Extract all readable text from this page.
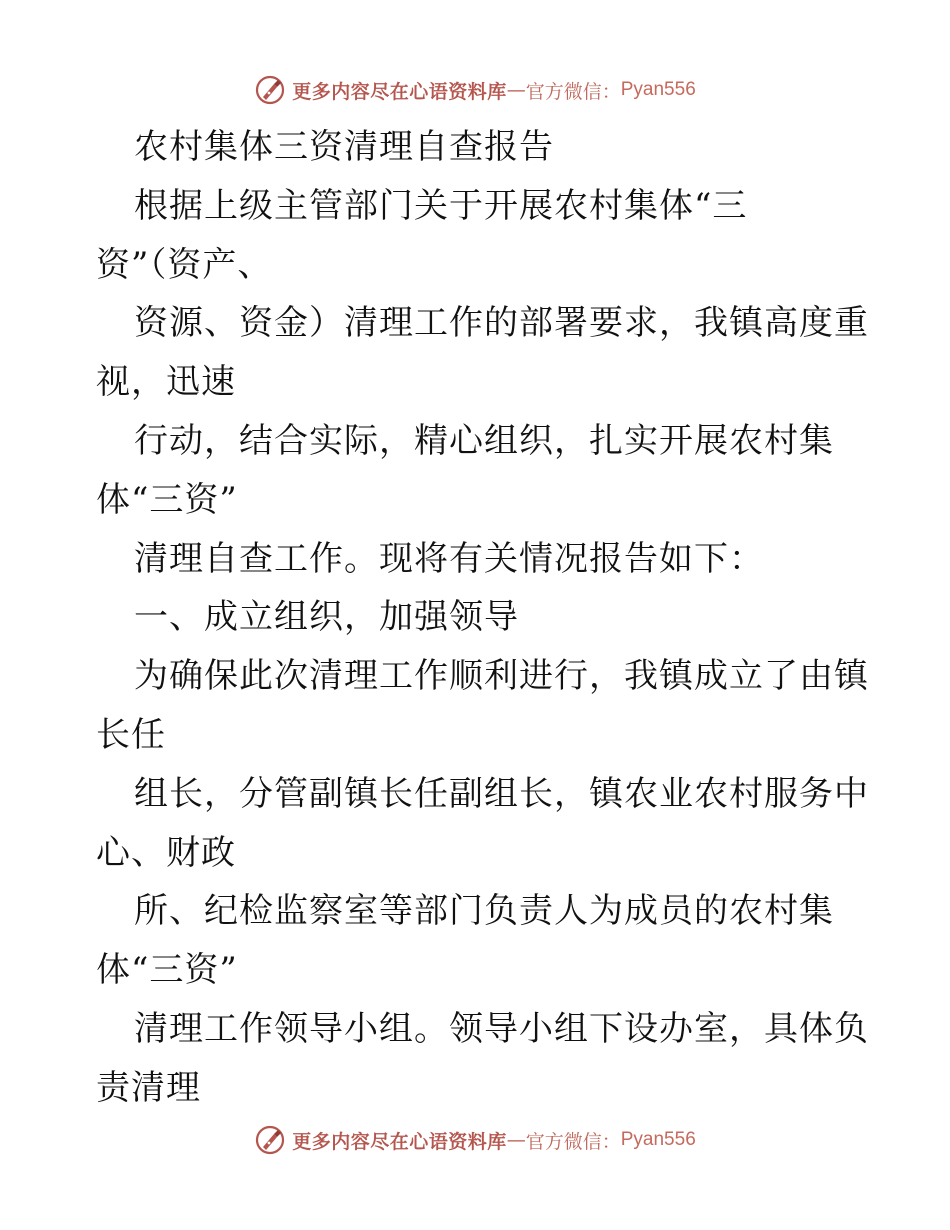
更多内容尽在心语资料库 — 官方微信： Pyan556
农村集体三资清理自查报告
根据上级主管部门关于开展农村集体“三
资”（资产、
资源、资金）清理工作的部署要求，我镇高度重
视，迅速
行动，结合实际，精心组织，扎实开展农村集
体“三资”
清理自查工作。现将有关情况报告如下：
一、成立组织，加强领导
为确保此次清理工作顺利进行，我镇成立了由镇
长任
组长，分管副镇长任副组长，镇农业农村服务中
心、财政
所、纪检监察室等部门负责人为成员的农村集
体“三资”
清理工作领导小组。领导小组下设办室，具体负
责清理
更多内容尽在心语资料库 — 官方微信： Pyan556
